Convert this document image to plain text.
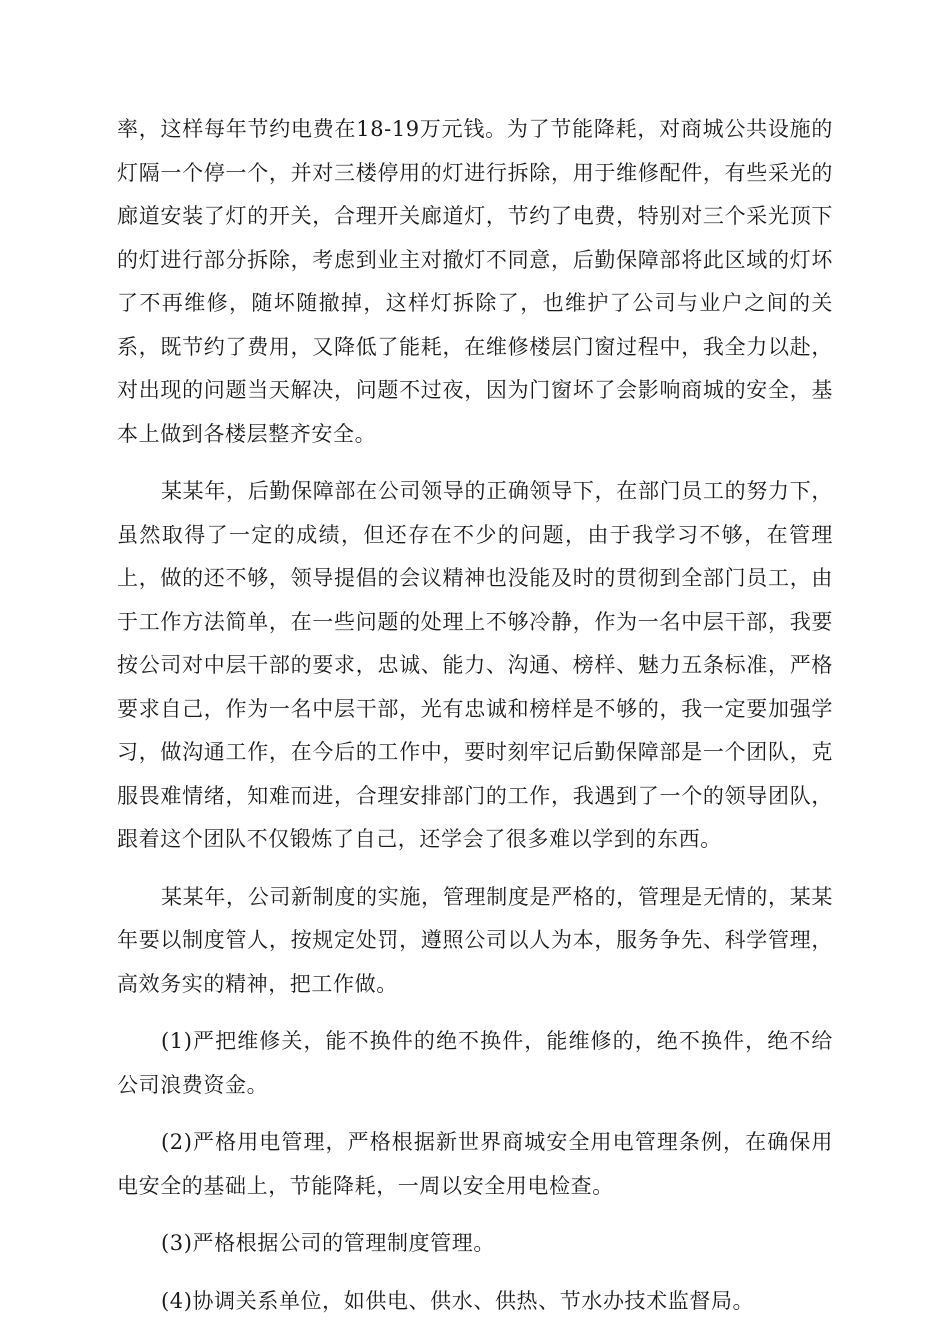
率，这样每年节约电费在18-19万元钱。为了节能降耗，对商城公共设施的灯隔一个停一个，并对三楼停用的灯进行拆除，用于维修配件，有些采光的廊道安装了灯的开关，合理开关廊道灯，节约了电费，特别对三个采光顶下的灯进行部分拆除，考虑到业主对撤灯不同意，后勤保障部将此区域的灯坏了不再维修，随坏随撤掉，这样灯拆除了，也维护了公司与业户之间的关系，既节约了费用，又降低了能耗，在维修楼层门窗过程中，我全力以赴，对出现的问题当天解决，问题不过夜，因为门窗坏了会影响商城的安全，基本上做到各楼层整齐安全。

某某年，后勤保障部在公司领导的正确领导下，在部门员工的努力下，虽然取得了一定的成绩，但还存在不少的问题，由于我学习不够，在管理上，做的还不够，领导提倡的会议精神也没能及时的贯彻到全部门员工，由于工作方法简单，在一些问题的处理上不够冷静，作为一名中层干部，我要按公司对中层干部的要求，忠诚、能力、沟通、榜样、魅力五条标准，严格要求自己，作为一名中层干部，光有忠诚和榜样是不够的，我一定要加强学习，做沟通工作，在今后的工作中，要时刻牢记后勤保障部是一个团队，克服畏难情绪，知难而进，合理安排部门的工作，我遇到了一个的领导团队，跟着这个团队不仅锻炼了自己，还学会了很多难以学到的东西。

某某年，公司新制度的实施，管理制度是严格的，管理是无情的，某某年要以制度管人，按规定处罚，遵照公司以人为本，服务争先、科学管理，高效务实的精神，把工作做。

(1)严把维修关，能不换件的绝不换件，能维修的，绝不换件，绝不给公司浪费资金。

(2)严格用电管理，严格根据新世界商城安全用电管理条例，在确保用电安全的基础上，节能降耗，一周以安全用电检查。

(3)严格根据公司的管理制度管理。

(4)协调关系单位，如供电、供水、供热、节水办技术监督局。
